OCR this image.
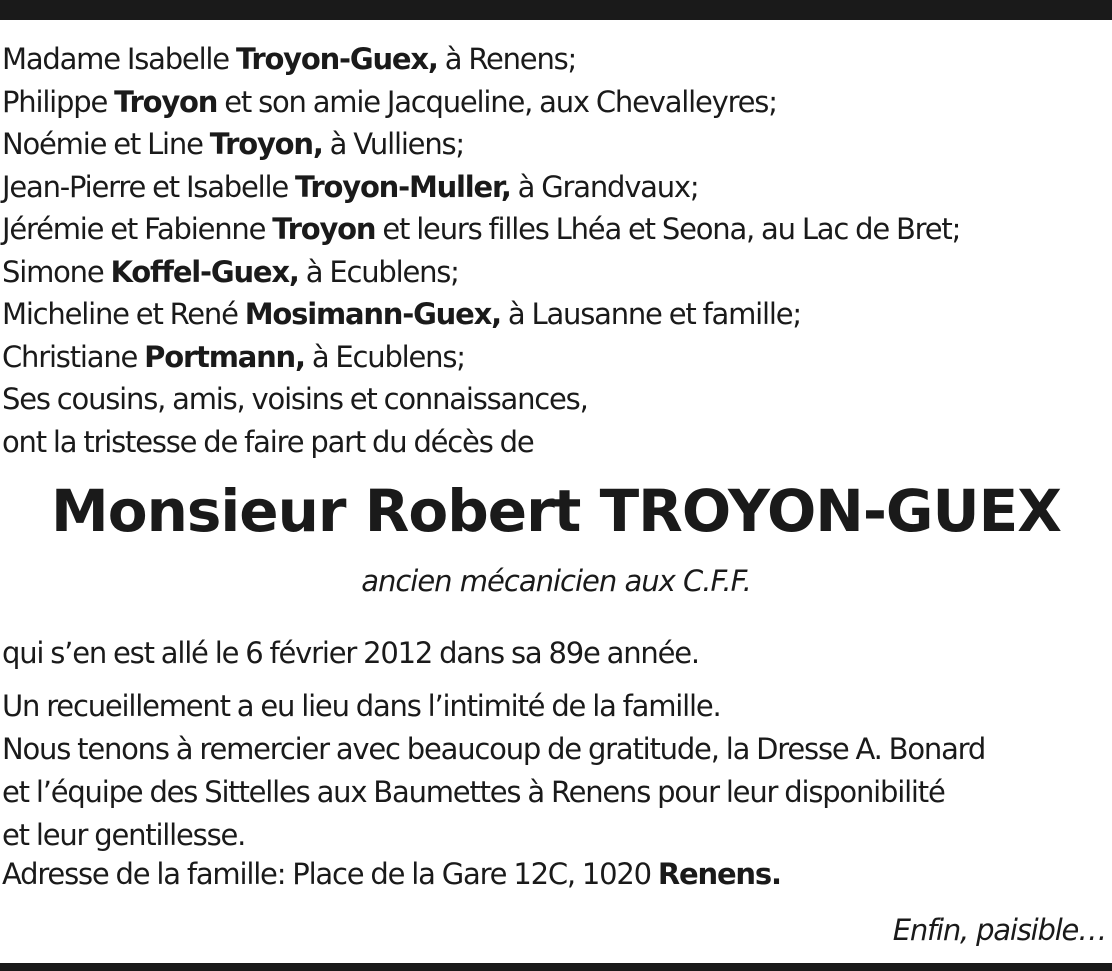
Madame Isabelle Troyon-Guex, à Renens;
Philippe Troyon et son amie Jacqueline, aux Chevalleyres;
Noémie et Line Troyon, à Vulliens;
Jean-Pierre et Isabelle Troyon-Muller, à Grandvaux;
Jérémie et Fabienne Troyon et leurs filles Lhéa et Seona, au Lac de Bret;
Simone Koffel-Guex, à Ecublens;
Micheline et René Mosimann-Guex, à Lausanne et famille;
Christiane Portmann, à Ecublens;
Ses cousins, amis, voisins et connaissances,
ont la tristesse de faire part du décès de
Monsieur Robert TROYON-GUEX
ancien mécanicien aux C.F.F.
qui s’en est allé le 6 février 2012 dans sa 89e année.
Un recueillement a eu lieu dans l’intimité de la famille.
Nous tenons à remercier avec beaucoup de gratitude, la Dresse A. Bonard
et l’équipe des Sittelles aux Baumettes à Renens pour leur disponibilité
et leur gentillesse.
Adresse de la famille: Place de la Gare 12C, 1020 Renens.
Enfin, paisible…
